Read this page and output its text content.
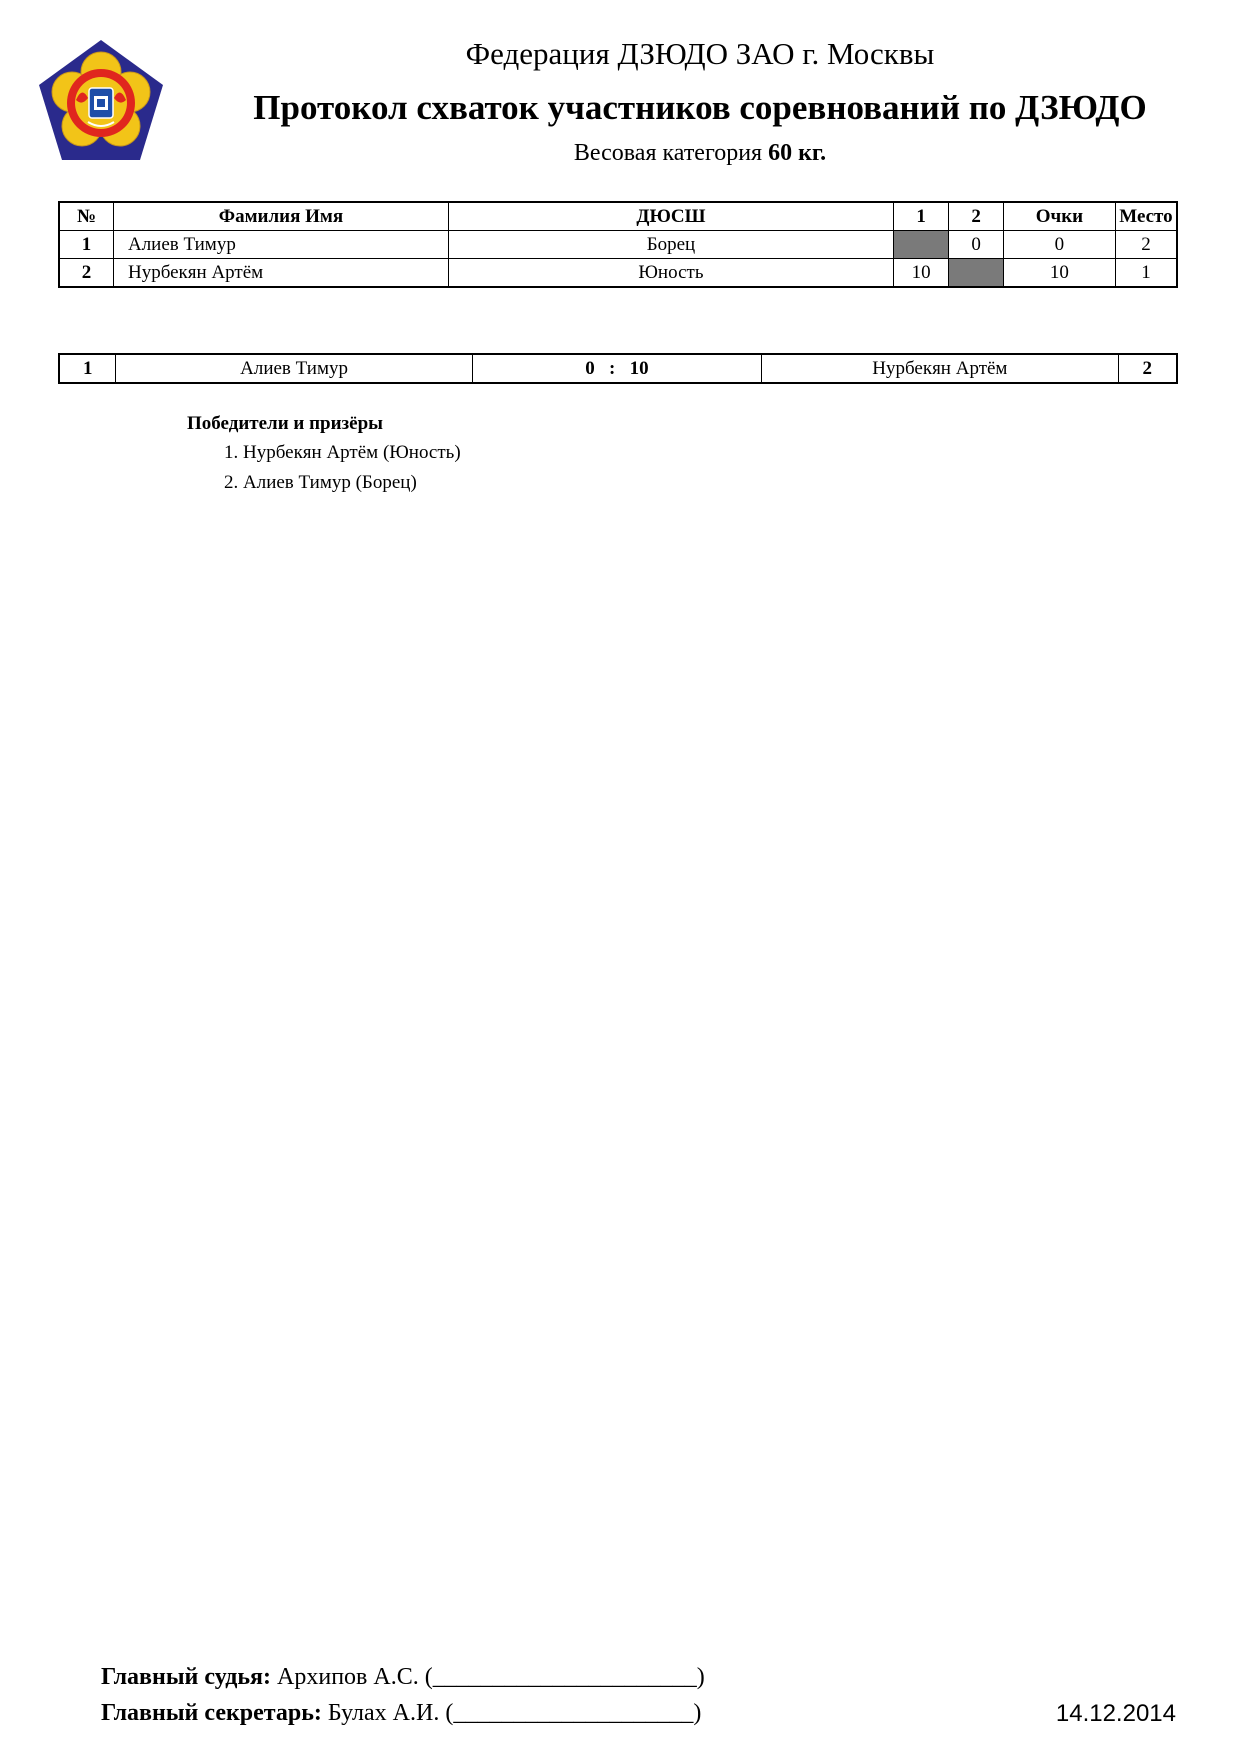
Федерация ДЗЮДО ЗАО г. Москвы
Протокол схваток участников соревнований по ДЗЮДО
Весовая категория 60 кг.
№	Фамилия Имя	ДЮСШ	1	2	Очки	Место
1	Алиев Тимур	Борец		0	0	2
2	Нурбекян Артём	Юность	10		10	1
1	Алиев Тимур	0 : 10	Нурбекян Артём	2
Победители и призёры
1. Нурбекян Артём (Юность)
2. Алиев Тимур (Борец)
Главный судья: Архипов А.С. (______________________)
Главный секретарь: Булах А.И. (____________________)	14.12.2014
